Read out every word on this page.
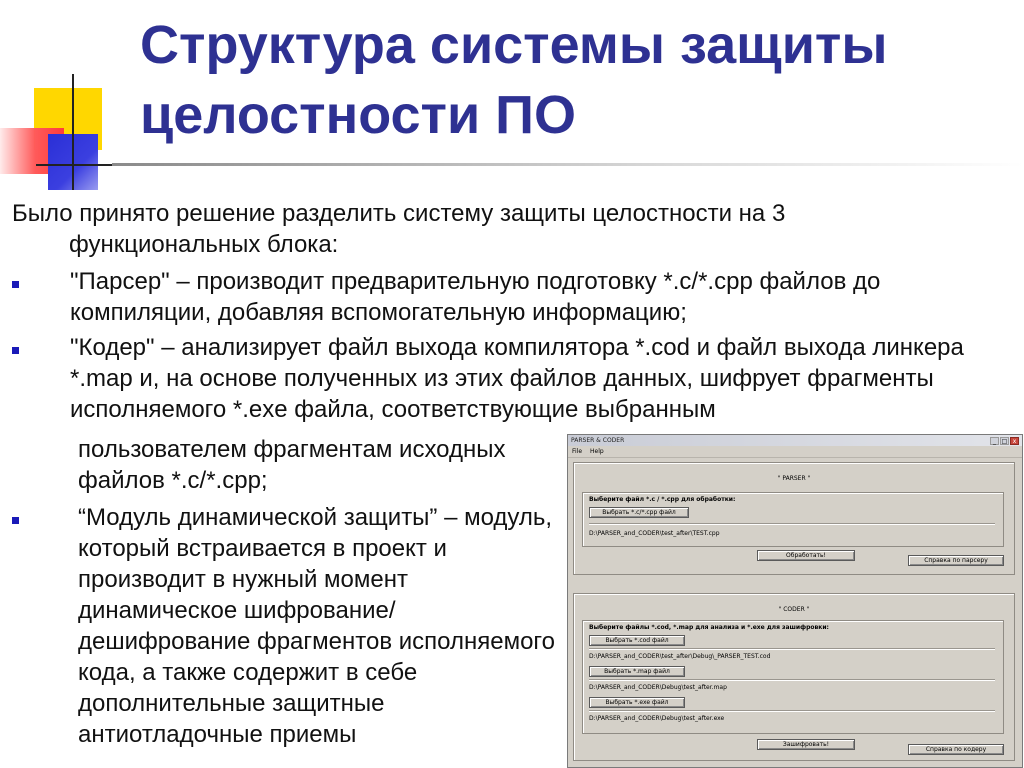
Структура системы защиты целостности ПО
Было принято решение разделить систему защиты целостности на 3
функциональных блока:
"Парсер" – производит предварительную подготовку *.c/*.cpp файлов до компиляции, добавляя вспомогательную информацию;
"Кодер" – анализирует файл выхода компилятора *.cod и файл выхода линкера *.map и, на основе полученных из этих файлов данных, шифрует фрагменты исполняемого *.exe файла, соответствующие выбранным
пользователем фрагментам исходных файлов *.c/*.cpp;
“Модуль динамической защиты” – модуль, который встраивается в проект и производит в нужный момент динамическое шифрование/ дешифрование фрагментов исполняемого кода, а также содержит в себе дополнительные защитные антиотладочные приемы
PARSER & CODER	_ □ x
File Help
" PARSER "
Выберите файл *.c / *.cpp для обработки:
Выбрать *.c/*.cpp файл
D:\PARSER_and_CODER\test_after\TEST.cpp
Обработать!
Справка по парсеру
" CODER "
Выберите файлы *.cod, *.map для анализа и *.exe для зашифровки:
Выбрать *.cod файл
D:\PARSER_and_CODER\test_after\Debug\_PARSER_TEST.cod
Выбрать *.map файл
D:\PARSER_and_CODER\Debug\test_after.map
Выбрать *.exe файл
D:\PARSER_and_CODER\Debug\test_after.exe
Зашифровать!
Справка по кодеру
